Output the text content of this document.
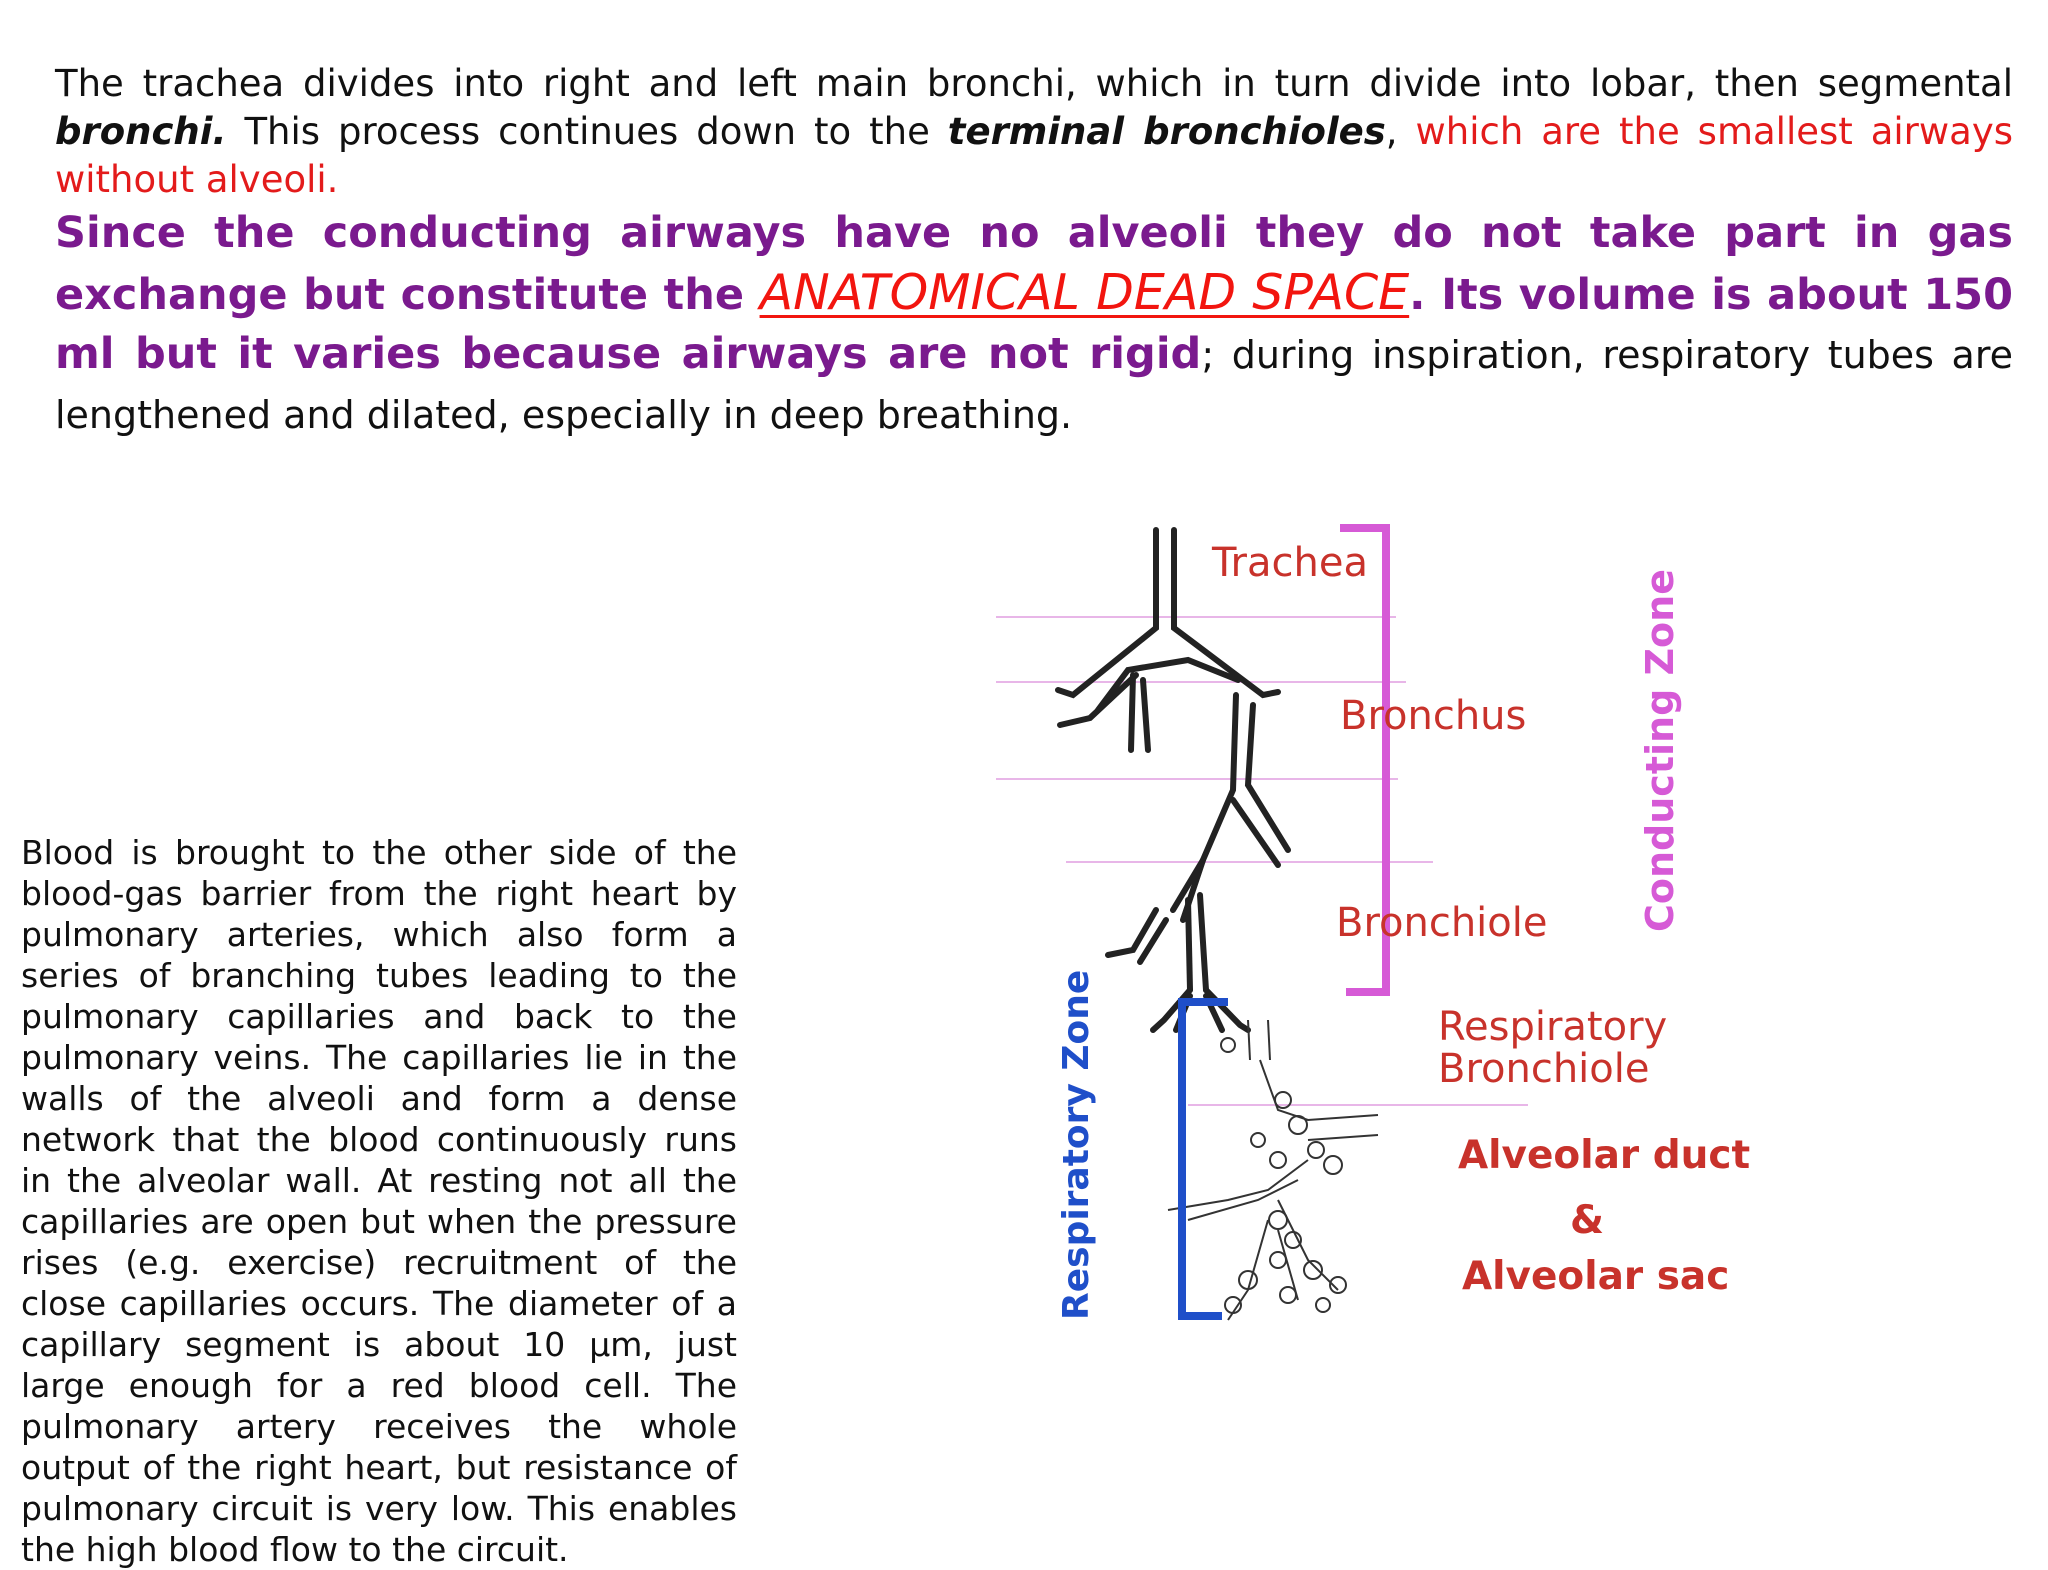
The trachea divides into right and left main bronchi, which in turn divide into lobar, then segmental bronchi. This process continues down to the terminal bronchioles, which are the smallest airways without alveoli.

Since the conducting airways have no alveoli they do not take part in gas exchange but constitute the ANATOMICAL DEAD SPACE. Its volume is about 150 ml but it varies because airways are not rigid; during inspiration, respiratory tubes are lengthened and dilated, especially in deep breathing.

Blood is brought to the other side of the blood-gas barrier from the right heart by pulmonary arteries, which also form a series of branching tubes leading to the pulmonary capillaries and back to the pulmonary veins. The capillaries lie in the walls of the alveoli and form a dense network that the blood continuously runs in the alveolar wall. At resting not all the capillaries are open but when the pressure rises (e.g. exercise) recruitment of the close capillaries occurs. The diameter of a capillary segment is about 10 μm, just large enough for a red blood cell. The pulmonary artery receives the whole output of the right heart, but resistance of pulmonary circuit is very low. This enables the high blood flow to the circuit.

Trachea
Bronchus
Bronchiole
Respiratory
Bronchiole
Alveolar duct
&
Alveolar sac
Conducting Zone
Respiratory Zone
